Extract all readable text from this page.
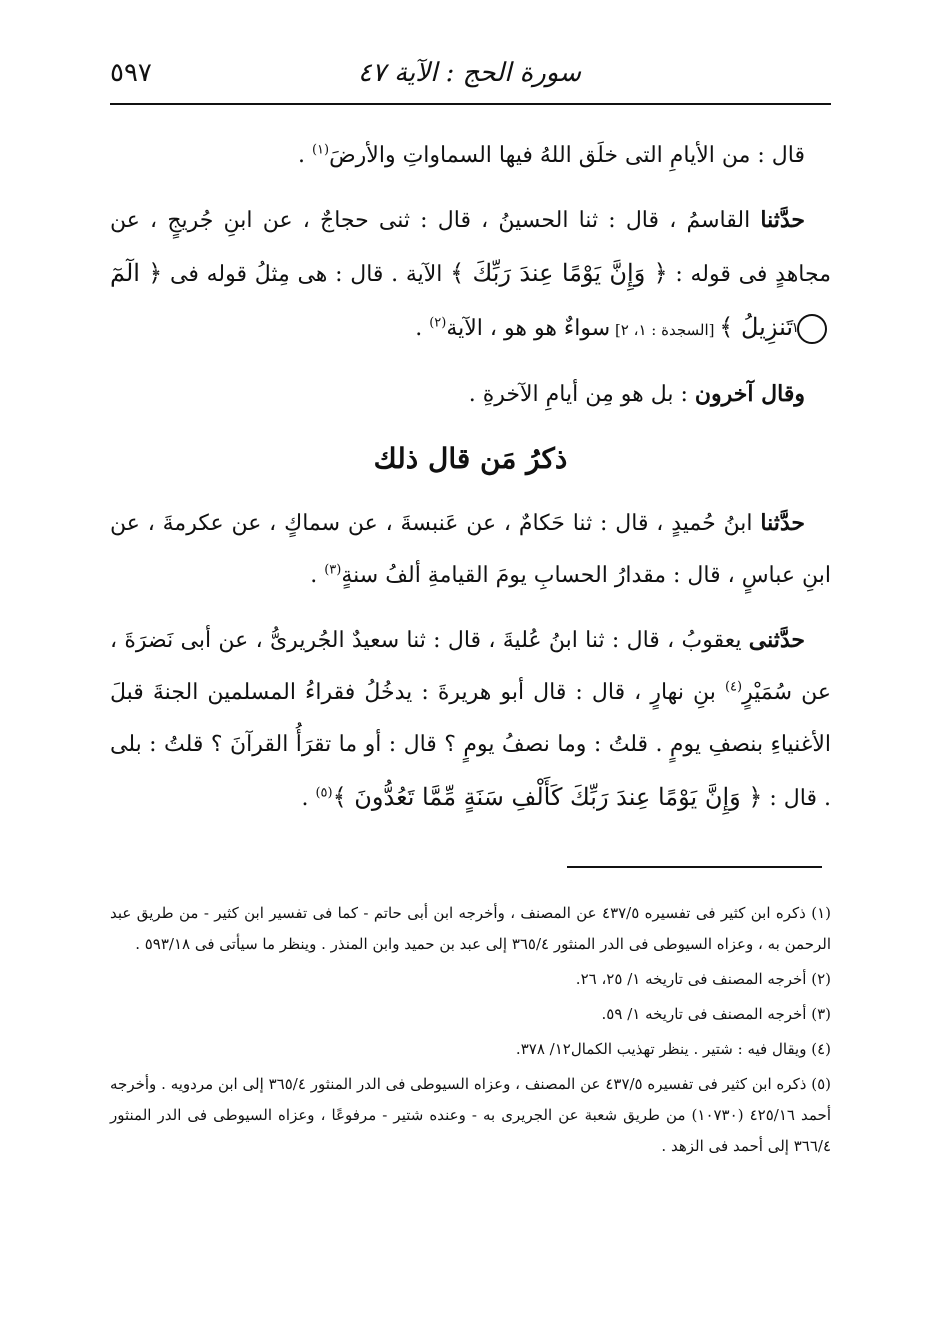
سورة الحج : الآية ٤٧
٥٩٧

قال : من الأيامِ التى خلَق اللهُ فيها السماواتِ والأرضَ$^{(١)}$ .

حدَّثنا القاسمُ ، قال : ثنا الحسينُ ، قال : ثنى حجاجٌ ، عن ابنِ جُريجٍ ، عن مجاهدٍ فى قوله : ﴿ وَإِنَّ يَوْمًا عِندَ رَبِّكَ ﴾ الآية . قال : هى مِثلُ قوله فى ﴿ الٓمٓ١تَنزِيلُ ﴾ [السجدة : ١، ٢] سواءٌ هو هو ، الآية$^{(٢)}$ .

وقال آخرون : بل هو مِن أيامِ الآخرةِ .

ذكرُ مَن قال ذلك

حدَّثنا ابنُ حُميدٍ ، قال : ثنا حَكامٌ ، عن عَنبسةَ ، عن سماكٍ ، عن عكرمةَ ، عن ابنِ عباسٍ ، قال : مقدارُ الحسابِ يومَ القيامةِ ألفُ سنةٍ$^{(٣)}$ .

حدَّثنى يعقوبُ ، قال : ثنا ابنُ عُليةَ ، قال : ثنا سعيدٌ الجُريرىُّ ، عن أبى نَضرَةَ ، عن سُمَيْرٍ$^{(٤)}$ بنِ نهارٍ ، قال : قال أبو هريرةَ : يدخُلُ فقراءُ المسلمين الجنةَ قبلَ الأغنياءِ بنصفِ يومٍ . قلتُ : وما نصفُ يومٍ ؟ قال : أو ما تقرَأُ القرآنَ ؟ قلتُ : بلى . قال : ﴿ وَإِنَّ يَوْمًا عِندَ رَبِّكَ كَأَلْفِ سَنَةٍ مِّمَّا تَعُدُّونَ ﴾$^{(٥)}$ .

(١) ذكره ابن كثير فى تفسيره ٤٣٧/٥ عن المصنف ، وأخرجه ابن أبى حاتم - كما فى تفسير ابن كثير - من طريق عبد الرحمن به ، وعزاه السيوطى فى الدر المنثور ٣٦٥/٤ إلى عبد بن حميد وابن المنذر . وينظر ما سيأتى فى ٥٩٣/١٨ .

(٢) أخرجه المصنف فى تاريخه ١/ ٢٥، ٢٦.

(٣) أخرجه المصنف فى تاريخه ١/ ٥٩.

(٤) ويقال فيه : شتير . ينظر تهذيب الكمال١٢/ ٣٧٨.

(٥) ذكره ابن كثير فى تفسيره ٤٣٧/٥ عن المصنف ، وعزاه السيوطى فى الدر المنثور ٣٦٥/٤ إلى ابن مردويه . وأخرجه أحمد ٤٢٥/١٦ (١٠٧٣٠) من طريق شعبة عن الجريرى به - وعنده شتير - مرفوعًا ، وعزاه السيوطى فى الدر المنثور ٣٦٦/٤ إلى أحمد فى الزهد .
